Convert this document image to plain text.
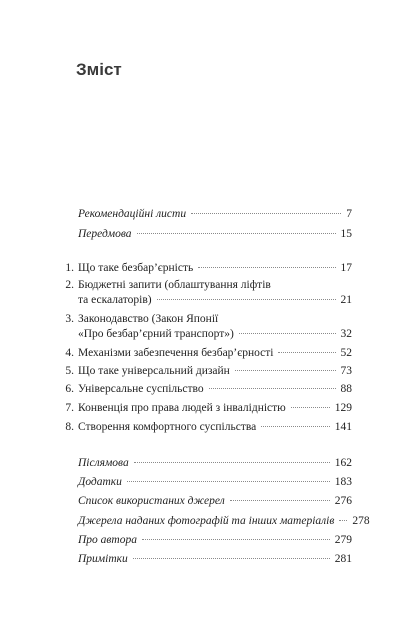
Зміст
Рекомендаційні листи	7
Передмова	15
1. Що таке безбар’єрність	17
2. Бюджетні запити (облаштування ліфтів
та ескалаторів)	21
3. Законодавство (Закон Японії
«Про безбар’єрний транспорт»)	32
4. Механізми забезпечення безбар’єрності	52
5. Що таке універсальний дизайн	73
6. Універсальне суспільство	88
7. Конвенція про права людей з інвалідністю	129
8. Створення комфортного суспільства	141
Післямова	162
Додатки	183
Список використаних джерел	276
Джерела наданих фотографій та інших матеріалів 278
Про автора	279
Примітки	281
